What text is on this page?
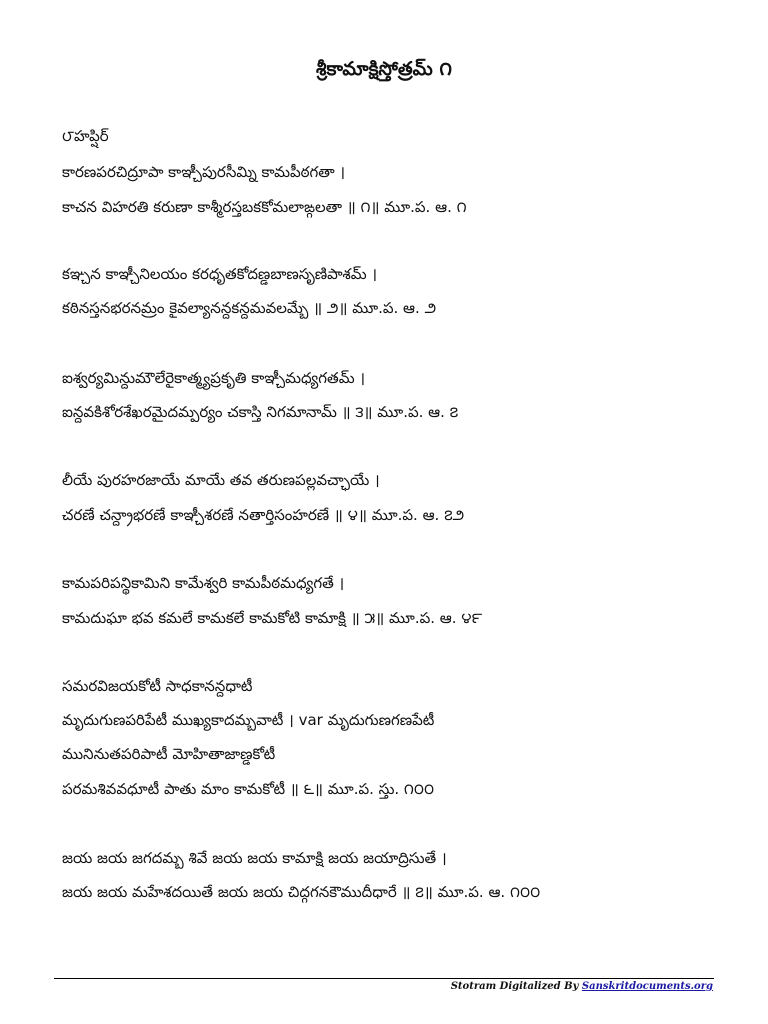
శ్రీకామాక్షిస్తోత్రమ్ ౧
౮హప్షిర్
కారణపరచిద్రూపా కాఞ్చీపురసీమ్ని కామపీఠగతా ।
కాచన విహరతి కరుణా కాశ్మీరస్తబకకోమలాఙ్గలతా ॥ ౧॥ మూ.ప. ఆ. ౧
కఞ్చన కాఞ్చీనిలయం కరధృతకోదణ్డబాణసృణిపాశమ్ ।
కఠినస్తనభరనమ్రం కైవల్యానన్దకన్దమవలమ్బే ॥ ౨॥ మూ.ప. ఆ. ౨
ఐశ్వర్యమిన్దుమౌలేరైకాత్మ్యప్రకృతి కాఞ్చీమధ్యగతమ్ ।
ఐన్దవకిశోరశేఖరమైదమ్పర్యం చకాస్తి నిగమానామ్ ॥ ౩॥ మూ.ప. ఆ. ౭
లీయే పురహరజాయే మాయే తవ తరుణపల్లవచ్ఛాయే ।
చరణే చన్ద్రాభరణే కాఞ్చీశరణే నతార్తిసంహరణే ॥ ౪॥ మూ.ప. ఆ. ౭౨
కామపరిపన్థికామిని కామేశ్వరి కామపీఠమధ్యగతే ।
కామదుఘా భవ కమలే కామకలే కామకోటి కామాక్షి ॥ ౫॥ మూ.ప. ఆ. ౪౯
సమరవిజయకోటీ సాధకానన్దధాటీ
మృదుగుణపరిపేటీ ముఖ్యకాదమ్బవాటీ । var మృదుగుణగణపేటీ
మునినుతపరిపాటీ మోహితాజాణ్డకోటీ
పరమశివవధూటీ పాతు మాం కామకోటీ ॥ ౬॥ మూ.ప. స్తు. ౧౦౦
జయ జయ జగదమ్బ శివే జయ జయ కామాక్షి జయ జయాద్రిసుతే ।
జయ జయ మహేశదయితే జయ జయ చిద్గగనకౌముదీధారే ॥ ౭॥ మూ.ప. ఆ. ౧౦౦
Stotram Digitalized By Sanskritdocuments.org
